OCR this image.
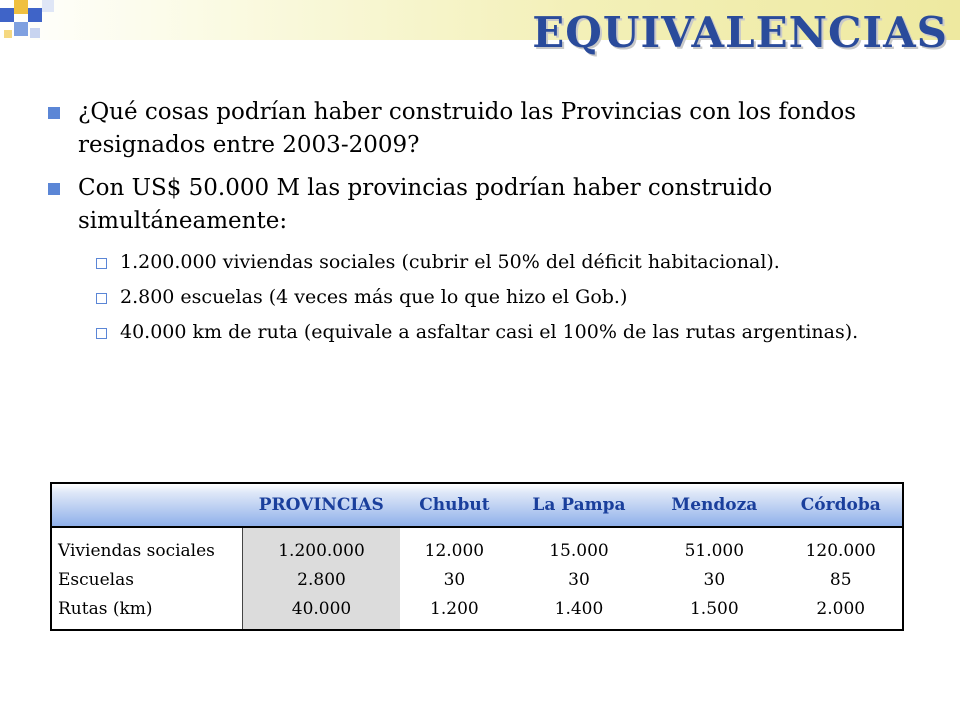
EQUIVALENCIAS
¿Qué cosas podrían haber construido las Provincias con los fondos resignados entre 2003-2009?
Con US$ 50.000 M las provincias podrían haber construido simultáneamente:
1.200.000 viviendas sociales (cubrir el 50% del déficit habitacional).
2.800 escuelas (4 veces más que lo que hizo el Gob.)
40.000 km de ruta (equivale a asfaltar casi el 100% de las rutas argentinas).
	PROVINCIAS	Chubut	La Pampa	Mendoza	Córdoba
Viviendas sociales	1.200.000	12.000	15.000	51.000	120.000
Escuelas	2.800	30	30	30	85
Rutas (km)	40.000	1.200	1.400	1.500	2.000
